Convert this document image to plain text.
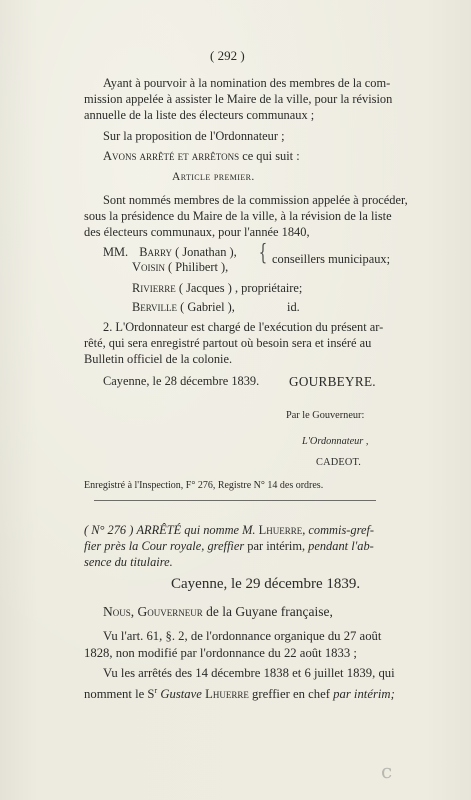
( 292 )
Ayant à pourvoir à la nomination des membres de la com-
mission appelée à assister le Maire de la ville, pour la révision
annuelle de la liste des électeurs communaux ;
Sur la proposition de l'Ordonnateur ;
Avons arrêté et arrêtons ce qui suit :
Article premier.
Sont nommés membres de la commission appelée à procéder,
sous la présidence du Maire de la ville, à la révision de la liste
des électeurs communaux, pour l'année 1840,
MM. Barry ( Jonathan ),
Voisin ( Philibert ),
{ conseillers municipaux;
Rivierre ( Jacques ) , propriétaire;
Berville ( Gabriel ),	id.
2. L'Ordonnateur est chargé de l'exécution du présent ar-
rêté, qui sera enregistré partout où besoin sera et inséré au
Bulletin officiel de la colonie.
Cayenne, le 28 décembre 1839. GOURBEYRE.
Par le Gouverneur:
L'Ordonnateur ,
CADEOT.
Enregistré à l'Inspection, F° 276, Registre N° 14 des ordres.
( N° 276 ) ARRÊTÉ qui nomme M. Lhuerre, commis-gref-
fier près la Cour royale, greffier par intérim, pendant l'ab-
sence du titulaire.
Cayenne, le 29 décembre 1839.
Nous, Gouverneur de la Guyane française,
Vu l'art. 61, §. 2, de l'ordonnance organique du 27 août
1828, non modifié par l'ordonnance du 22 août 1833 ;
Vu les arrêtés des 14 décembre 1838 et 6 juillet 1839, qui
nomment le $S^r$ Gustave Lhuerre greffier en chef par intérim;
c
